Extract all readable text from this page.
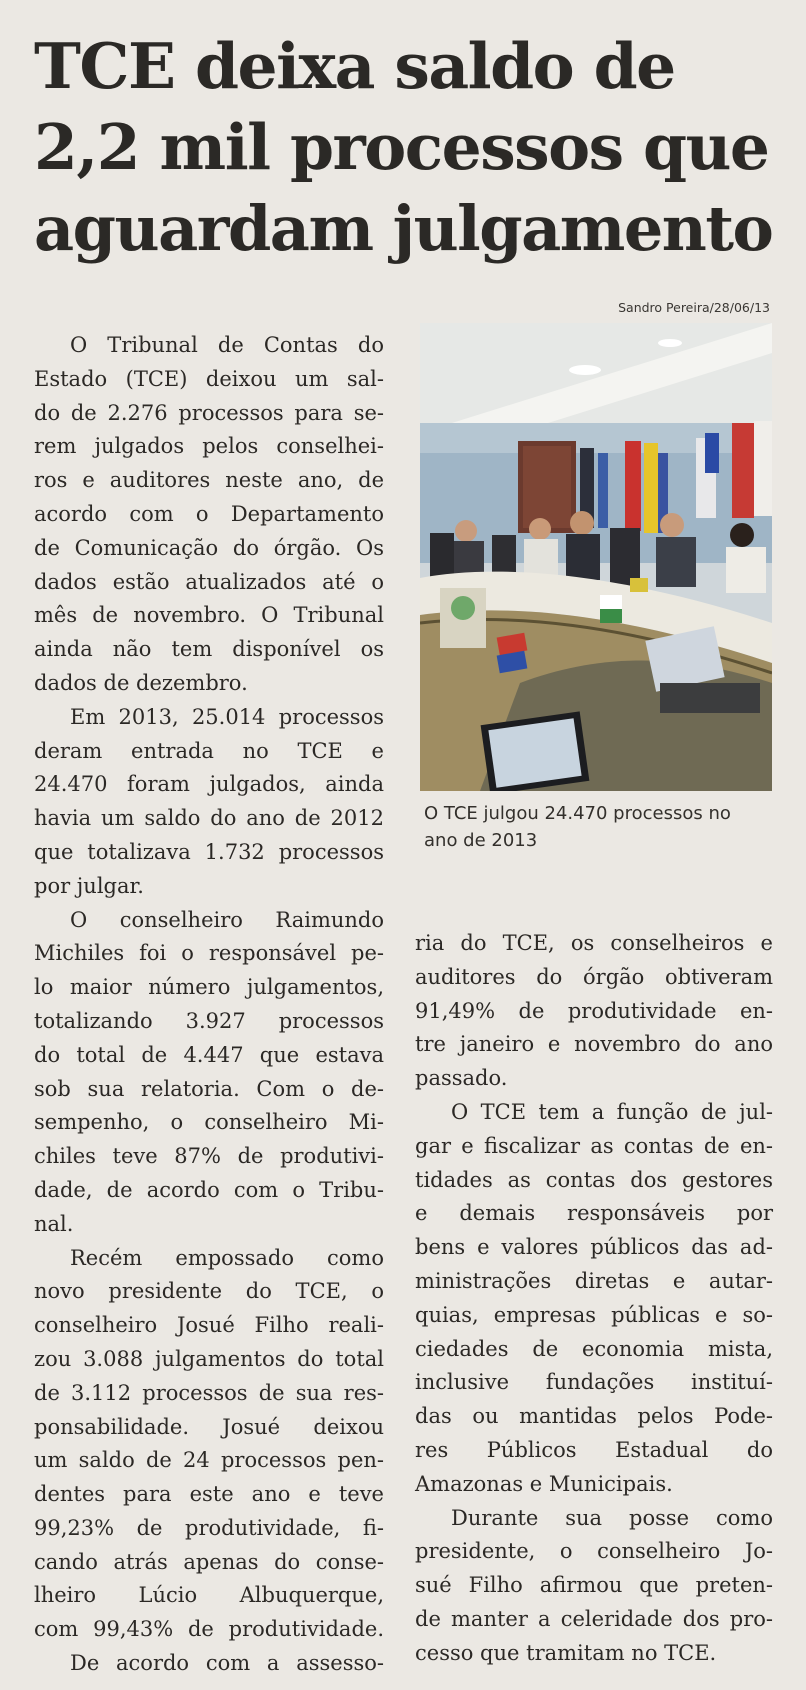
TCE deixa saldo de
2,2 mil processos que
aguardam julgamento
Sandro Pereira/28/06/13
O TCE julgou 24.470 processos no
ano de 2013
O Tribunal de Contas do
Estado (TCE) deixou um sal-
do de 2.276 processos para se-
rem julgados pelos conselhei-
ros e auditores neste ano, de
acordo com o Departamento
de Comunicação do órgão. Os
dados estão atualizados até o
mês de novembro. O Tribunal
ainda não tem disponível os
dados de dezembro.
Em 2013, 25.014 processos
deram entrada no TCE e
24.470 foram julgados, ainda
havia um saldo do ano de 2012
que totalizava 1.732 processos
por julgar.
O conselheiro Raimundo
Michiles foi o responsável pe-
lo maior número julgamentos,
totalizando 3.927 processos
do total de 4.447 que estava
sob sua relatoria. Com o de-
sempenho, o conselheiro Mi-
chiles teve 87% de produtivi-
dade, de acordo com o Tribu-
nal.
Recém empossado como
novo presidente do TCE, o
conselheiro Josué Filho reali-
zou 3.088 julgamentos do total
de 3.112 processos de sua res-
ponsabilidade. Josué deixou
um saldo de 24 processos pen-
dentes para este ano e teve
99,23% de produtividade, fi-
cando atrás apenas do conse-
lheiro Lúcio Albuquerque,
com 99,43% de produtividade.
De acordo com a assesso-
ria do TCE, os conselheiros e
auditores do órgão obtiveram
91,49% de produtividade en-
tre janeiro e novembro do ano
passado.
O TCE tem a função de jul-
gar e fiscalizar as contas de en-
tidades as contas dos gestores
e demais responsáveis por
bens e valores públicos das ad-
ministrações diretas e autar-
quias, empresas públicas e so-
ciedades de economia mista,
inclusive fundações instituí-
das ou mantidas pelos Pode-
res Públicos Estadual do
Amazonas e Municipais.
Durante sua posse como
presidente, o conselheiro Jo-
sué Filho afirmou que preten-
de manter a celeridade dos pro-
cesso que tramitam no TCE.
